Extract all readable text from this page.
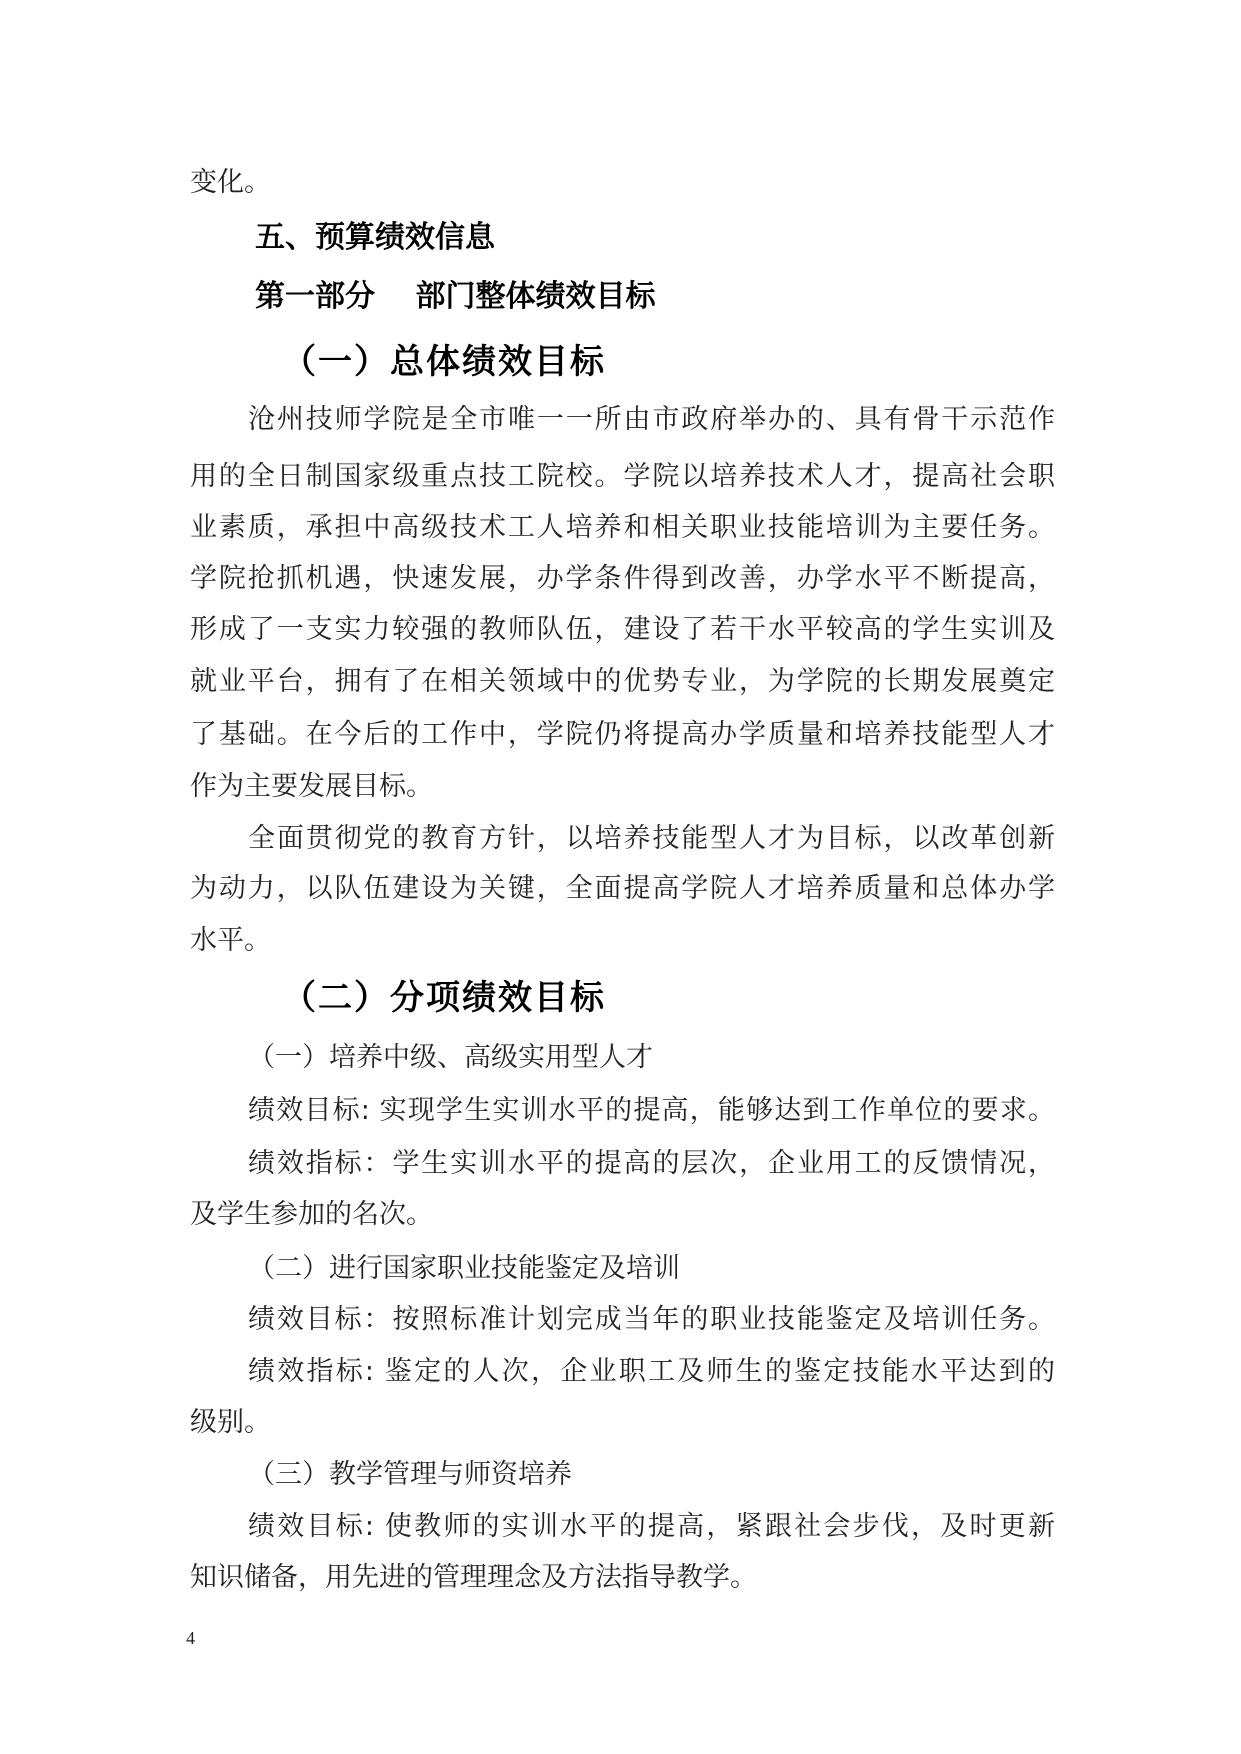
变化。
五、预算绩效信息
第一部分　 部门整体绩效目标
（一）总体绩效目标
沧州技师学院是全市唯一一所由市政府举办的、具有骨干示范作
用的全日制国家级重点技工院校。学院以培养技术人才，提高社会职
业素质，承担中高级技术工人培养和相关职业技能培训为主要任务。
学院抢抓机遇，快速发展，办学条件得到改善，办学水平不断提高，
形成了一支实力较强的教师队伍，建设了若干水平较高的学生实训及
就业平台，拥有了在相关领域中的优势专业，为学院的长期发展奠定
了基础。在今后的工作中，学院仍将提高办学质量和培养技能型人才
作为主要发展目标。
全面贯彻党的教育方针，以培养技能型人才为目标，以改革创新
为动力，以队伍建设为关键，全面提高学院人才培养质量和总体办学
水平。
（二）分项绩效目标
（一）培养中级、高级实用型人才
绩效目标: 实现学生实训水平的提高，能够达到工作单位的要求。
绩效指标：学生实训水平的提高的层次，企业用工的反馈情况，
及学生参加的名次。
（二）进行国家职业技能鉴定及培训
绩效目标：按照标准计划完成当年的职业技能鉴定及培训任务。
绩效指标: 鉴定的人次，企业职工及师生的鉴定技能水平达到的
级别。
（三）教学管理与师资培养
绩效目标: 使教师的实训水平的提高，紧跟社会步伐，及时更新
知识储备，用先进的管理理念及方法指导教学。
4
